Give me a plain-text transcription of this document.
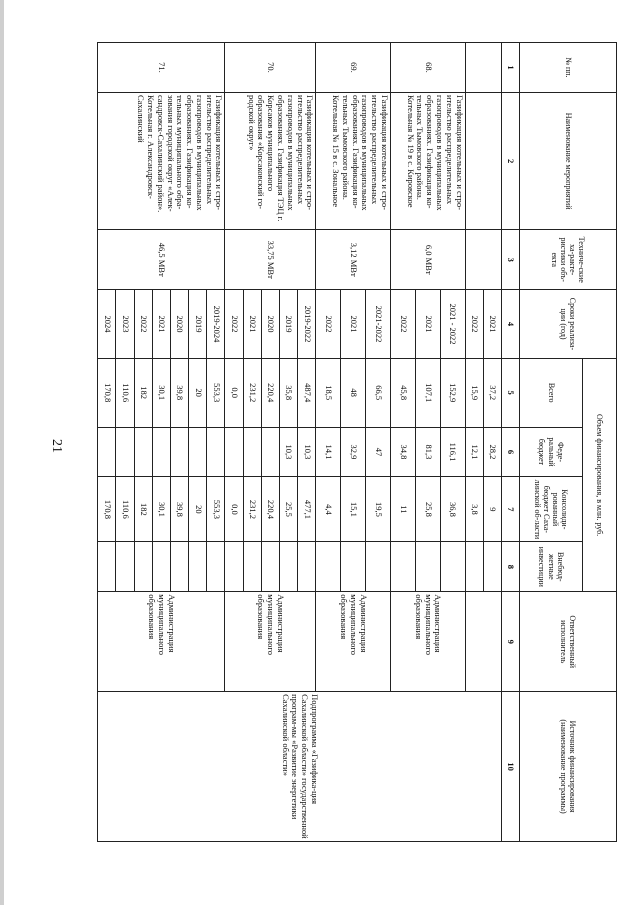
21
№ пп.	Наименование мероприятий	Техниче-ские ха-ракте-ристики объ-екта	Сроки реализа-ции (год)	Объем финансирования, в млн. руб.				Ответственный исполнитель	Источник финансирования (наименование программы)
				Всего	Феде-ральный бюджет	Консолиди-рованный бюджет Саха-линской об-ласти	Внебюд-жетные инвестиции		
1	2	3	4	5	6	7	8	9	10
			2021	37,2	28,2	9			Подпрограмма «Газифика-ция Сахалинской области» государственной програм-мы «Развитие энергетики Сахалинской области»
			2022	15,9	12,1	3,8			
68.	Газификация котельных и стро-ительство распределительных газопроводов в муниципальных образованиях. Газификация ко-тельных Тымовского района. Котельная № 19 в с. Кировское	6,0 МВт	2021 - 2022	152,9	116,1	36,8		Администрация муниципального образования	
			2021	107,1	81,3	25,8			
			2022	45,8	34,8	11			
69.	Газификация котельных и стро-ительство распределительных газопроводов в муниципальных образованиях. Газификация ко-тельных Тымовского района. Котельная № 15 в с. Зональное	3,12 МВт	2021-2022	66,5	47	19,5		Администрация муниципального образования	
			2021	48	32,9	15,1			
			2022	18,5	14,1	4,4			
70.	Газификация котельных и стро-ительство распределительных газопроводов в муниципальных образованиях. Газификация ТЭЦ г. Корсаков муниципального образования «Корсаковский го-родской округ»	33,75 МВт	2019-2022	487,4	10,3	477,1		Администрация муниципального образования	
			2019	35,8	10,3	25,5			
			2020	220,4		220,4			
			2021	231,2		231,2			
			2022	0,0		0,0			
71.	Газификация котельных и стро-ительство распределительных газопроводов в муниципальных образованиях. Газификация ко-тельных муниципального обра-зования городской округ «Алек-сандровск-Сахалинский район». Котельная г. Александровск-Сахалинский	46,5 МВт	2019-2024	553,3		553,3		Администрация муниципального образования	
			2019	20		20			
			2020	39,8		39,8			
			2021	30,1		30,1			
			2022	182		182			
			2023	110,6		110,6			
			2024	170,8		170,8			
